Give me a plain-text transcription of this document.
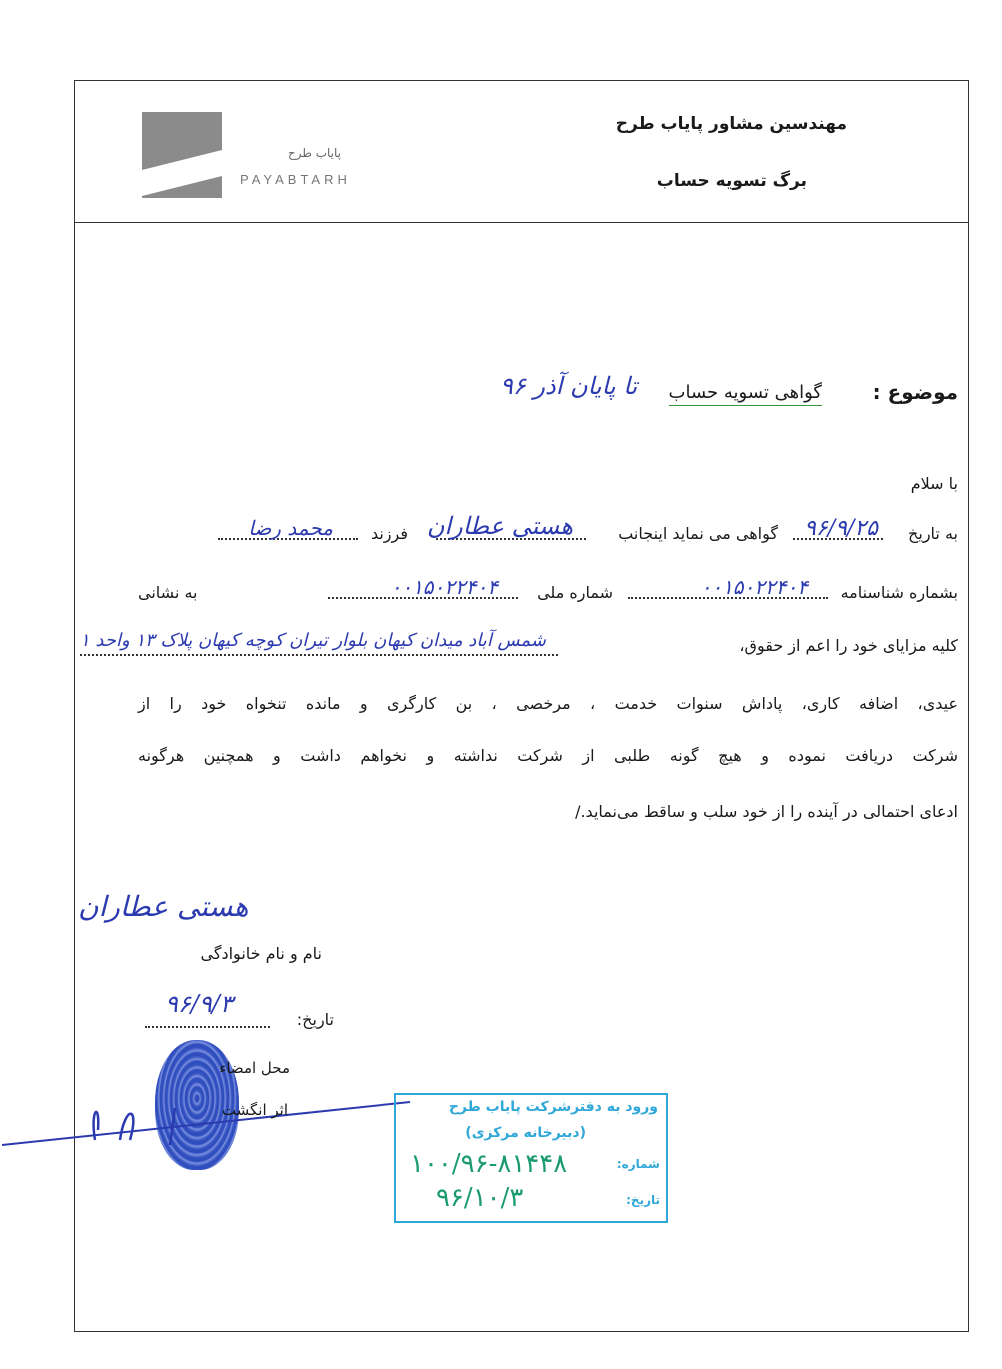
مهندسین مشاور پایاب طرح
برگ تسویه حساب
پایاب طرح
PAYABTARH
موضوع :
گواهی تسویه حساب
تا پایان آذر ۹۶
با سلام
به تاریخ
۹۶/۹/۲۵
گواهی می نماید اینجانب
هستی عطاران
فرزند
محمد رضا
بشماره شناسنامه
۰۰۱۵۰۲۲۴۰۴
شماره ملی
۰۰۱۵۰۲۲۴۰۴
به نشانی
کلیه مزایای خود را اعم از حقوق،
شمس آباد میدان کیهان بلوار تیران کوچه کیهان پلاک ۱۳ واحد ۱
عیدی، اضافه کاری، پاداش سنوات خدمت ، مرخصی ، بن کارگری و مانده تنخواه خود را از
شرکت دریافت نموده و هیچ گونه طلبی از شرکت نداشته و نخواهم داشت و همچنین هرگونه
ادعای احتمالی در آینده را از خود سلب و ساقط می‌نماید./
هستی عطاران
نام و نام خانوادگی
تاریخ:
۹۶/۹/۳
محل امضاء
اثر انگشت	ورود به دفترشرکت پایاب طرح
(دبیرخانه مرکزی)
شماره:
۱۰۰/۹۶-۸۱۴۴۸
تاریخ:
۹۶/۱۰/۳
